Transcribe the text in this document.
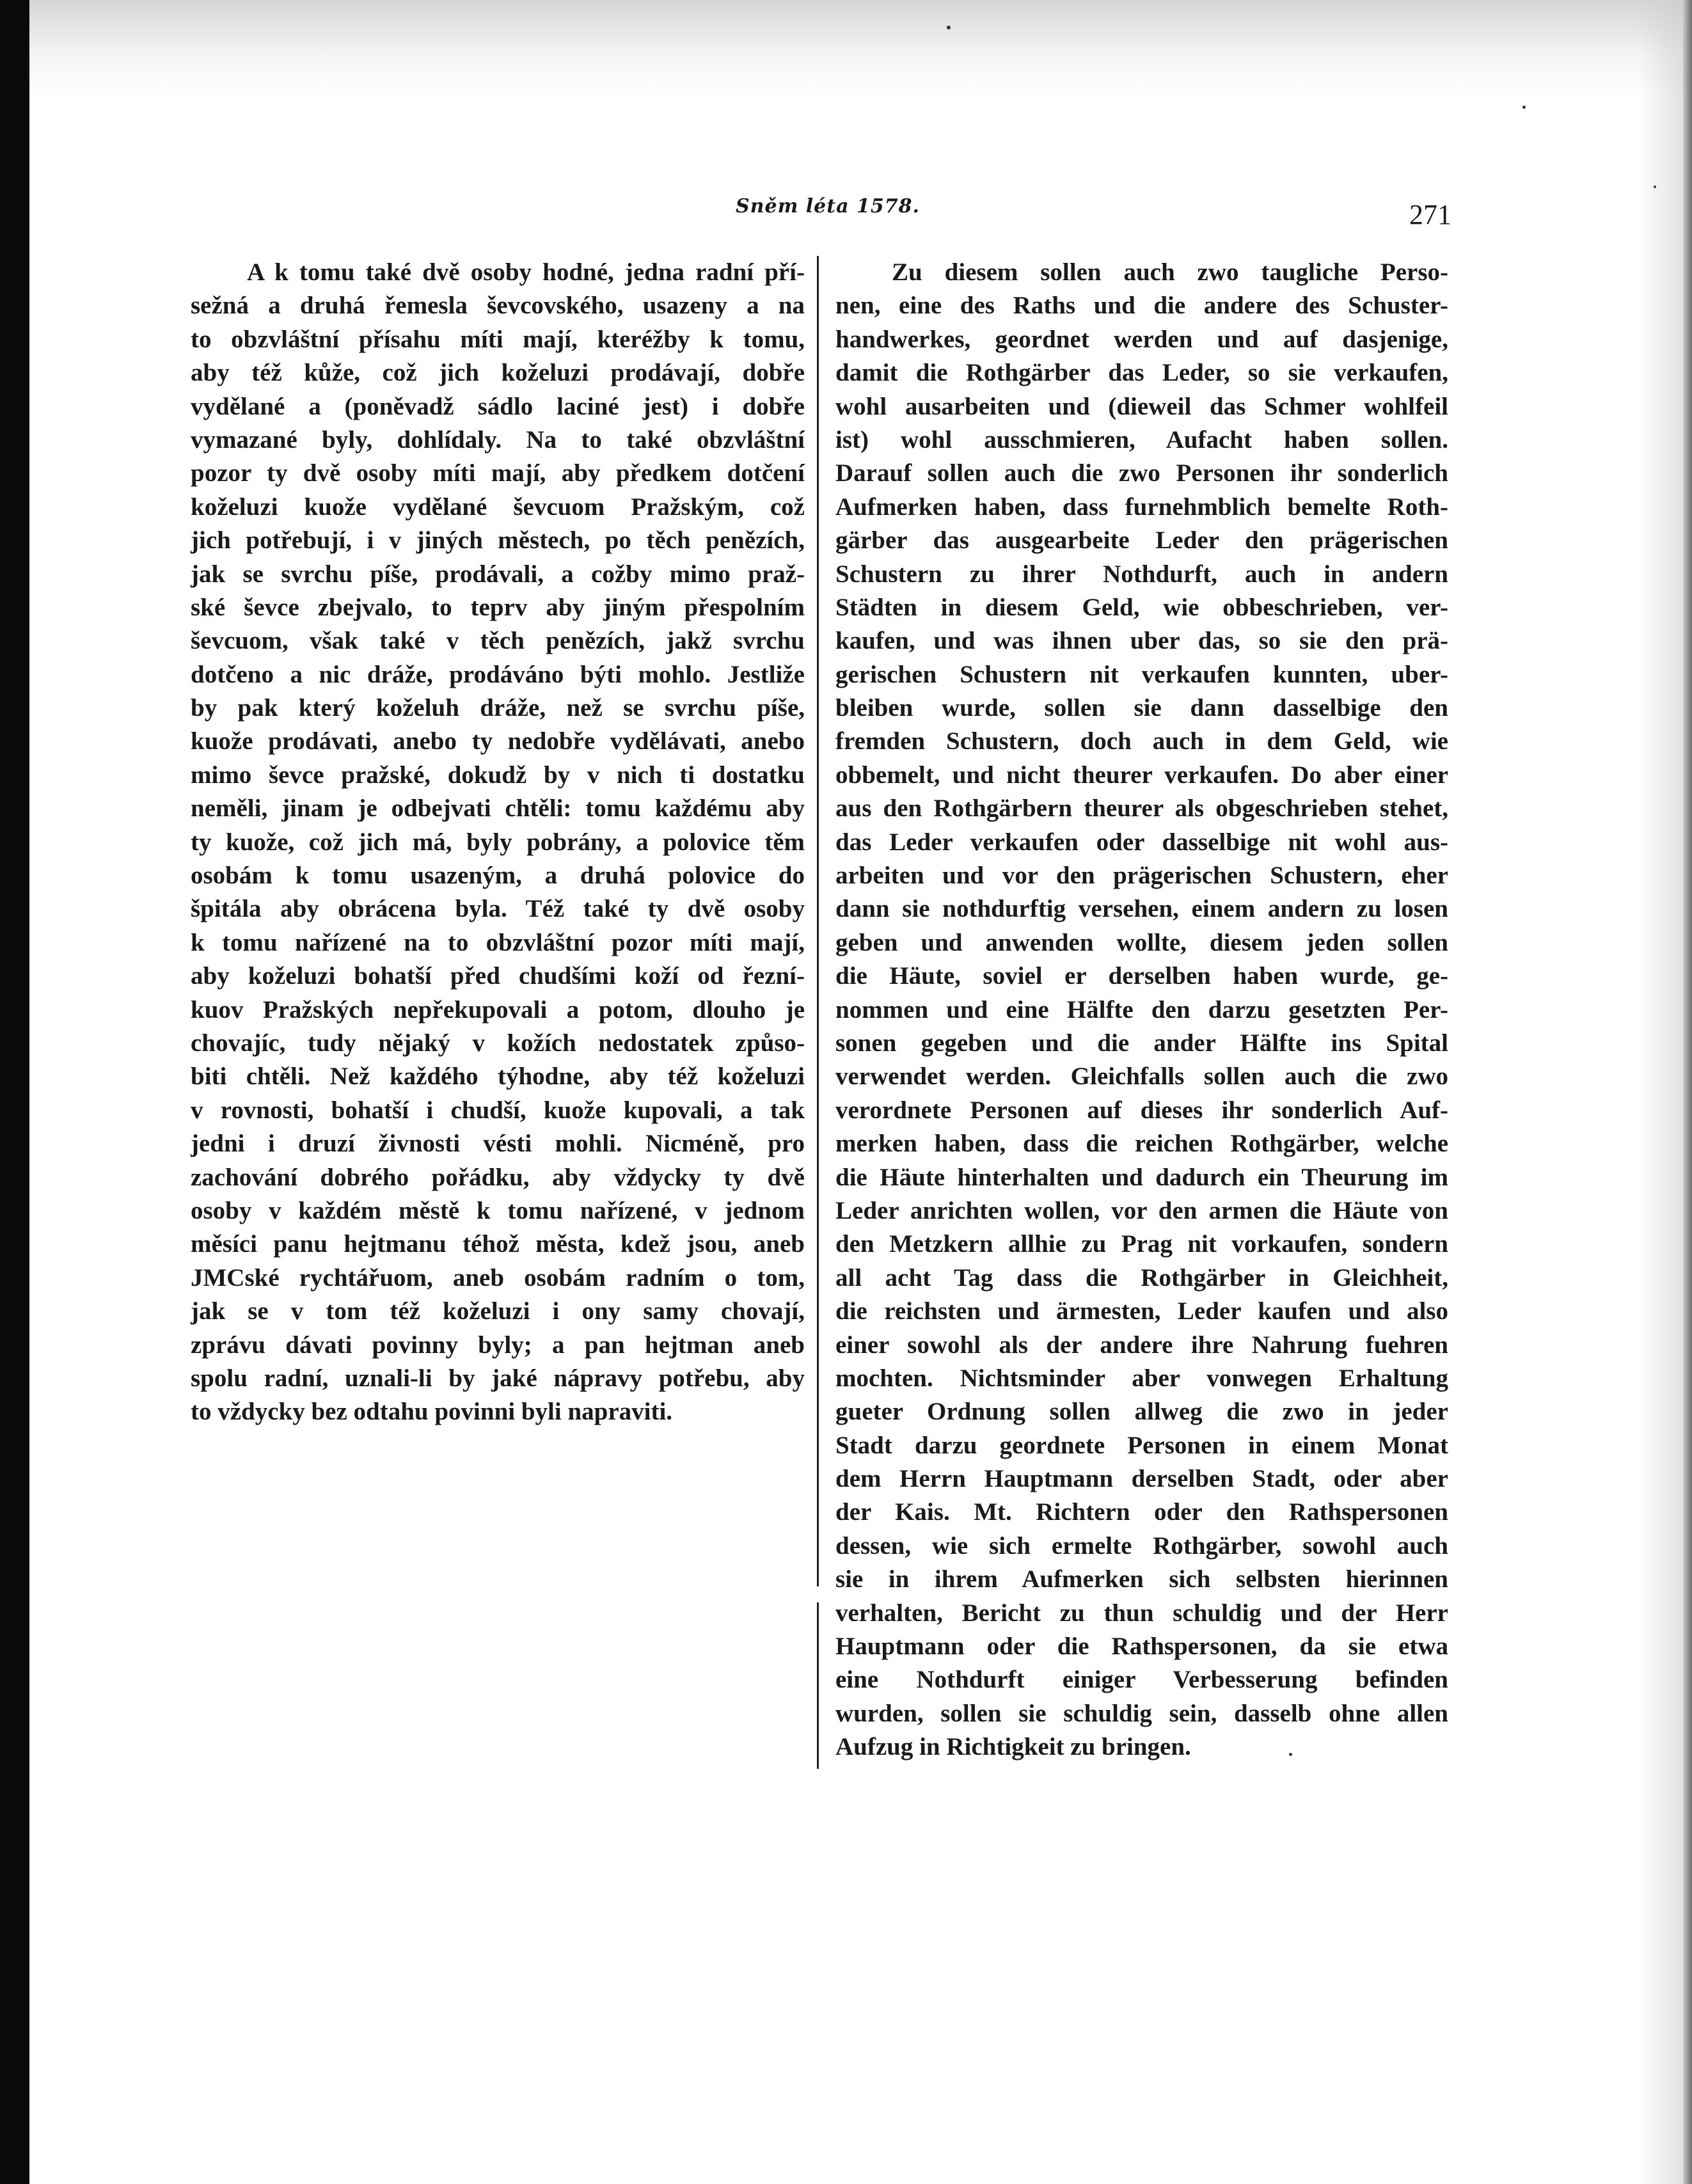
Sněm léta 1578.	271
A k tomu také dvě osoby hodné, jedna radní pří-
sežná a druhá řemesla ševcovského, usazeny a na
to obzvláštní přísahu míti mají, kteréžby k tomu,
aby též kůže, což jich koželuzi prodávají, dobře
vydělané a (poněvadž sádlo laciné jest) i dobře
vymazané byly, dohlídaly. Na to také obzvláštní
pozor ty dvě osoby míti mají, aby předkem dotčení
koželuzi kuože vydělané ševcuom Pražským, což
jich potřebují, i v jiných městech, po těch penězích,
jak se svrchu píše, prodávali, a cožby mimo praž-
ské ševce zbejvalo, to teprv aby jiným přespolním
ševcuom, však také v těch penězích, jakž svrchu
dotčeno a nic dráže, prodáváno býti mohlo. Jestliže
by pak který koželuh dráže, než se svrchu píše,
kuože prodávati, anebo ty nedobře vydělávati, anebo
mimo ševce pražské, dokudž by v nich ti dostatku
neměli, jinam je odbejvati chtěli: tomu každému aby
ty kuože, což jich má, byly pobrány, a polovice těm
osobám k tomu usazeným, a druhá polovice do
špitála aby obrácena byla. Též také ty dvě osoby
k tomu nařízené na to obzvláštní pozor míti mají,
aby koželuzi bohatší před chudšími koží od řezní-
kuov Pražských nepřekupovali a potom, dlouho je
chovajíc, tudy nějaký v kožích nedostatek způso-
biti chtěli. Než každého týhodne, aby též koželuzi
v rovnosti, bohatší i chudší, kuože kupovali, a tak
jedni i druzí živnosti vésti mohli. Nicméně, pro
zachování dobrého pořádku, aby vždycky ty dvě
osoby v každém městě k tomu nařízené, v jednom
měsíci panu hejtmanu téhož města, kdež jsou, aneb
JMCské rychtářuom, aneb osobám radním o tom,
jak se v tom též koželuzi i ony samy chovají,
zprávu dávati povinny byly; a pan hejtman aneb
spolu radní, uznali-li by jaké nápravy potřebu, aby
to vždycky bez odtahu povinni byli napraviti.
Zu diesem sollen auch zwo taugliche Perso-
nen, eine des Raths und die andere des Schuster-
handwerkes, geordnet werden und auf dasjenige,
damit die Rothgärber das Leder, so sie verkaufen,
wohl ausarbeiten und (dieweil das Schmer wohlfeil
ist) wohl ausschmieren, Aufacht haben sollen.
Darauf sollen auch die zwo Personen ihr sonderlich
Aufmerken haben, dass furnehmblich bemelte Roth-
gärber das ausgearbeite Leder den prägerischen
Schustern zu ihrer Nothdurft, auch in andern
Städten in diesem Geld, wie obbeschrieben, ver-
kaufen, und was ihnen uber das, so sie den prä-
gerischen Schustern nit verkaufen kunnten, uber-
bleiben wurde, sollen sie dann dasselbige den
fremden Schustern, doch auch in dem Geld, wie
obbemelt, und nicht theurer verkaufen. Do aber einer
aus den Rothgärbern theurer als obgeschrieben stehet,
das Leder verkaufen oder dasselbige nit wohl aus-
arbeiten und vor den prägerischen Schustern, eher
dann sie nothdurftig versehen, einem andern zu losen
geben und anwenden wollte, diesem jeden sollen
die Häute, soviel er derselben haben wurde, ge-
nommen und eine Hälfte den darzu gesetzten Per-
sonen gegeben und die ander Hälfte ins Spital
verwendet werden. Gleichfalls sollen auch die zwo
verordnete Personen auf dieses ihr sonderlich Auf-
merken haben, dass die reichen Rothgärber, welche
die Häute hinterhalten und dadurch ein Theurung im
Leder anrichten wollen, vor den armen die Häute von
den Metzkern allhie zu Prag nit vorkaufen, sondern
all acht Tag dass die Rothgärber in Gleichheit,
die reichsten und ärmesten, Leder kaufen und also
einer sowohl als der andere ihre Nahrung fuehren
mochten. Nichtsminder aber vonwegen Erhaltung
gueter Ordnung sollen allweg die zwo in jeder
Stadt darzu geordnete Personen in einem Monat
dem Herrn Hauptmann derselben Stadt, oder aber
der Kais. Mt. Richtern oder den Rathspersonen
dessen, wie sich ermelte Rothgärber, sowohl auch
sie in ihrem Aufmerken sich selbsten hierinnen
verhalten, Bericht zu thun schuldig und der Herr
Hauptmann oder die Rathspersonen, da sie etwa
eine Nothdurft einiger Verbesserung befinden
wurden, sollen sie schuldig sein, dasselb ohne allen
Aufzug in Richtigkeit zu bringen.
